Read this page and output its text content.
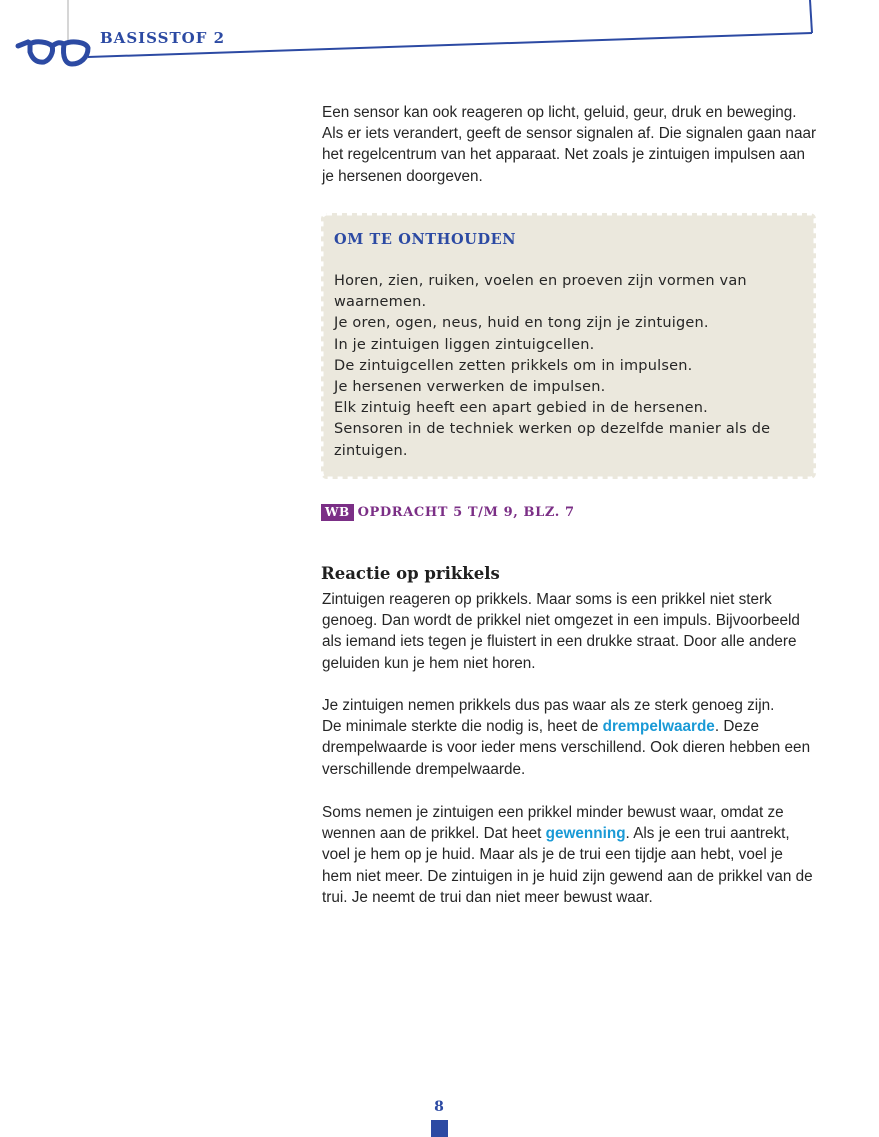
BASISSTOF 2
Een sensor kan ook reageren op licht, geluid, geur, druk en beweging.
Als er iets verandert, geeft de sensor signalen af. Die signalen gaan naar
het regelcentrum van het apparaat. Net zoals je zintuigen impulsen aan
je hersenen doorgeven.
OM TE ONTHOUDEN
Horen, zien, ruiken, voelen en proeven zijn vormen van
waarnemen.
Je oren, ogen, neus, huid en tong zijn je zintuigen.
In je zintuigen liggen zintuigcellen.
De zintuigcellen zetten prikkels om in impulsen.
Je hersenen verwerken de impulsen.
Elk zintuig heeft een apart gebied in de hersenen.
Sensoren in de techniek werken op dezelfde manier als de
zintuigen.
WB OPDRACHT 5 T/M 9, BLZ. 7
Reactie op prikkels
Zintuigen reageren op prikkels. Maar soms is een prikkel niet sterk
genoeg. Dan wordt de prikkel niet omgezet in een impuls. Bijvoorbeeld
als iemand iets tegen je fluistert in een drukke straat. Door alle andere
geluiden kun je hem niet horen.
Je zintuigen nemen prikkels dus pas waar als ze sterk genoeg zijn.
De minimale sterkte die nodig is, heet de drempelwaarde. Deze
drempelwaarde is voor ieder mens verschillend. Ook dieren hebben een
verschillende drempelwaarde.
Soms nemen je zintuigen een prikkel minder bewust waar, omdat ze
wennen aan de prikkel. Dat heet gewenning. Als je een trui aantrekt,
voel je hem op je huid. Maar als je de trui een tijdje aan hebt, voel je
hem niet meer. De zintuigen in je huid zijn gewend aan de prikkel van de
trui. Je neemt de trui dan niet meer bewust waar.
8
